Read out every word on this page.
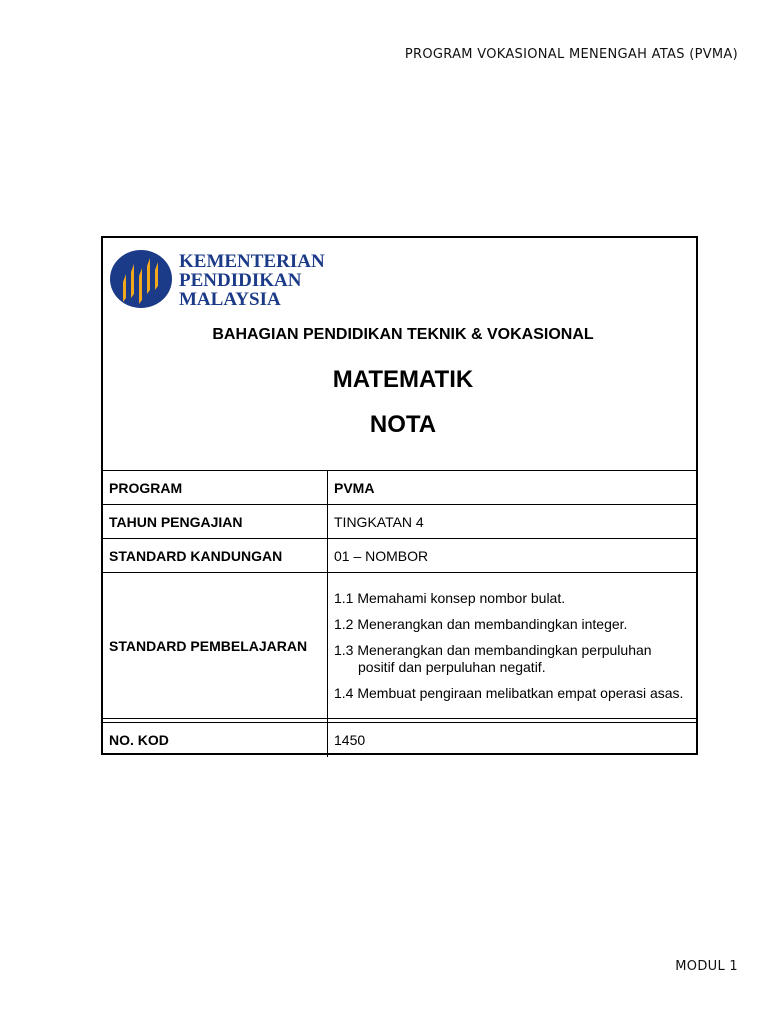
PROGRAM VOKASIONAL MENENGAH ATAS (PVMA)
KEMENTERIAN
PENDIDIKAN
MALAYSIA
BAHAGIAN PENDIDIKAN TEKNIK & VOKASIONAL
MATEMATIK
NOTA
PROGRAM	PVMA
TAHUN PENGAJIAN	TINGKATAN 4
STANDARD KANDUNGAN	01 – NOMBOR
STANDARD PEMBELAJARAN	1.1 Memahami konsep nombor bulat.
1.2 Menerangkan dan membandingkan integer.
1.3 Menerangkan dan membandingkan perpuluhan positif dan perpuluhan negatif.
1.4 Membuat pengiraan melibatkan empat operasi asas.

NO. KOD	1450
MODUL 1
